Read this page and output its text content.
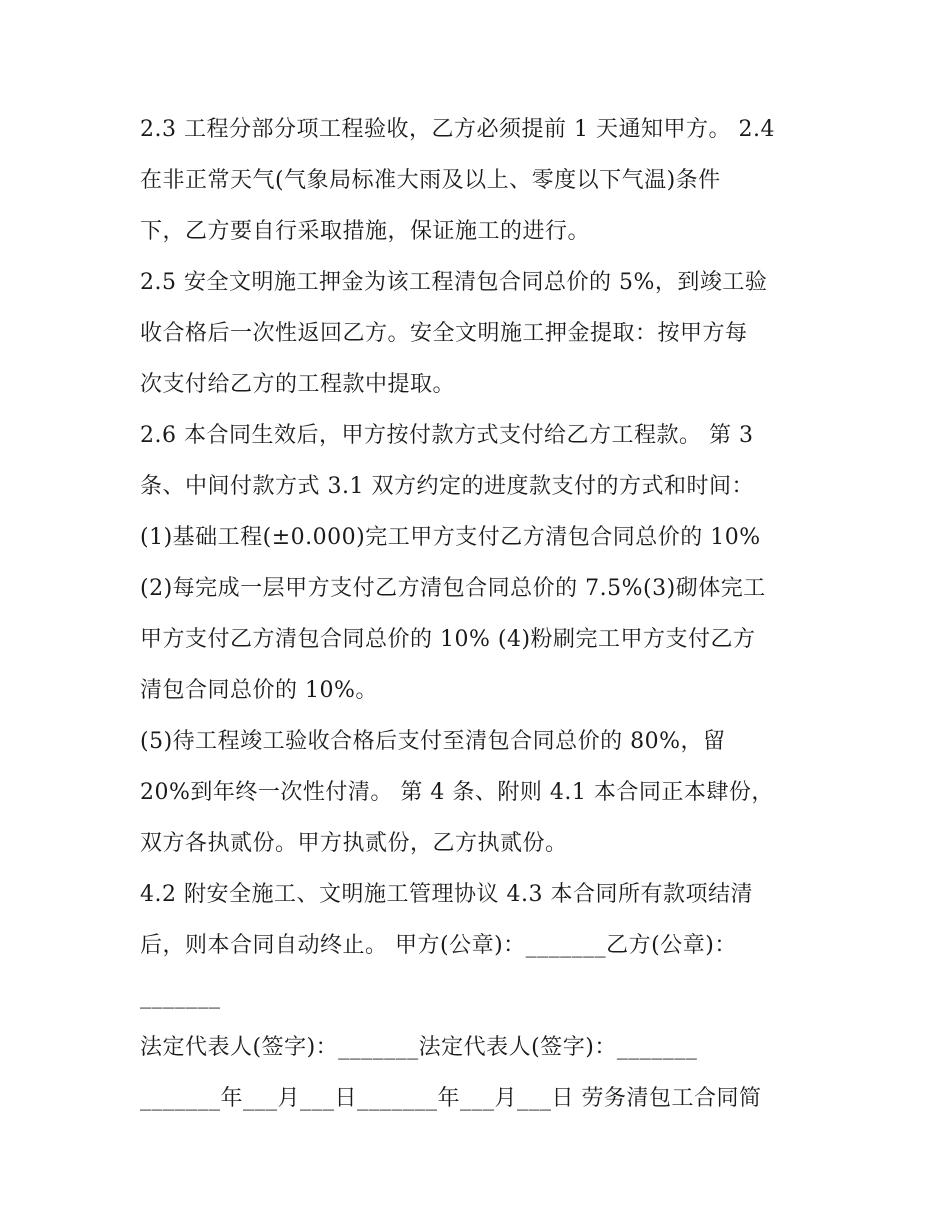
2.3 工程分部分项工程验收，乙方必须提前 1 天通知甲方。 2.4
在非正常天气(气象局标准大雨及以上、零度以下气温)条件
下，乙方要自行采取措施，保证施工的进行。
2.5 安全文明施工押金为该工程清包合同总价的 5%，到竣工验
收合格后一次性返回乙方。安全文明施工押金提取：按甲方每
次支付给乙方的工程款中提取。
2.6 本合同生效后，甲方按付款方式支付给乙方工程款。 第 3
条、中间付款方式 3.1 双方约定的进度款支付的方式和时间：
(1)基础工程(±0.000)完工甲方支付乙方清包合同总价的 10%
(2)每完成一层甲方支付乙方清包合同总价的 7.5%(3)砌体完工
甲方支付乙方清包合同总价的 10% (4)粉刷完工甲方支付乙方
清包合同总价的 10%。
(5)待工程竣工验收合格后支付至清包合同总价的 80%，留
20%到年终一次性付清。 第 4 条、附则 4.1 本合同正本肆份，
双方各执贰份。甲方执贰份，乙方执贰份。
4.2 附安全施工、文明施工管理协议 4.3 本合同所有款项结清
后，则本合同自动终止。 甲方(公章)：_______乙方(公章)：
_______
法定代表人(签字)：_______法定代表人(签字)：_______
_______年___月___日_______年___月___日 劳务清包工合同简
